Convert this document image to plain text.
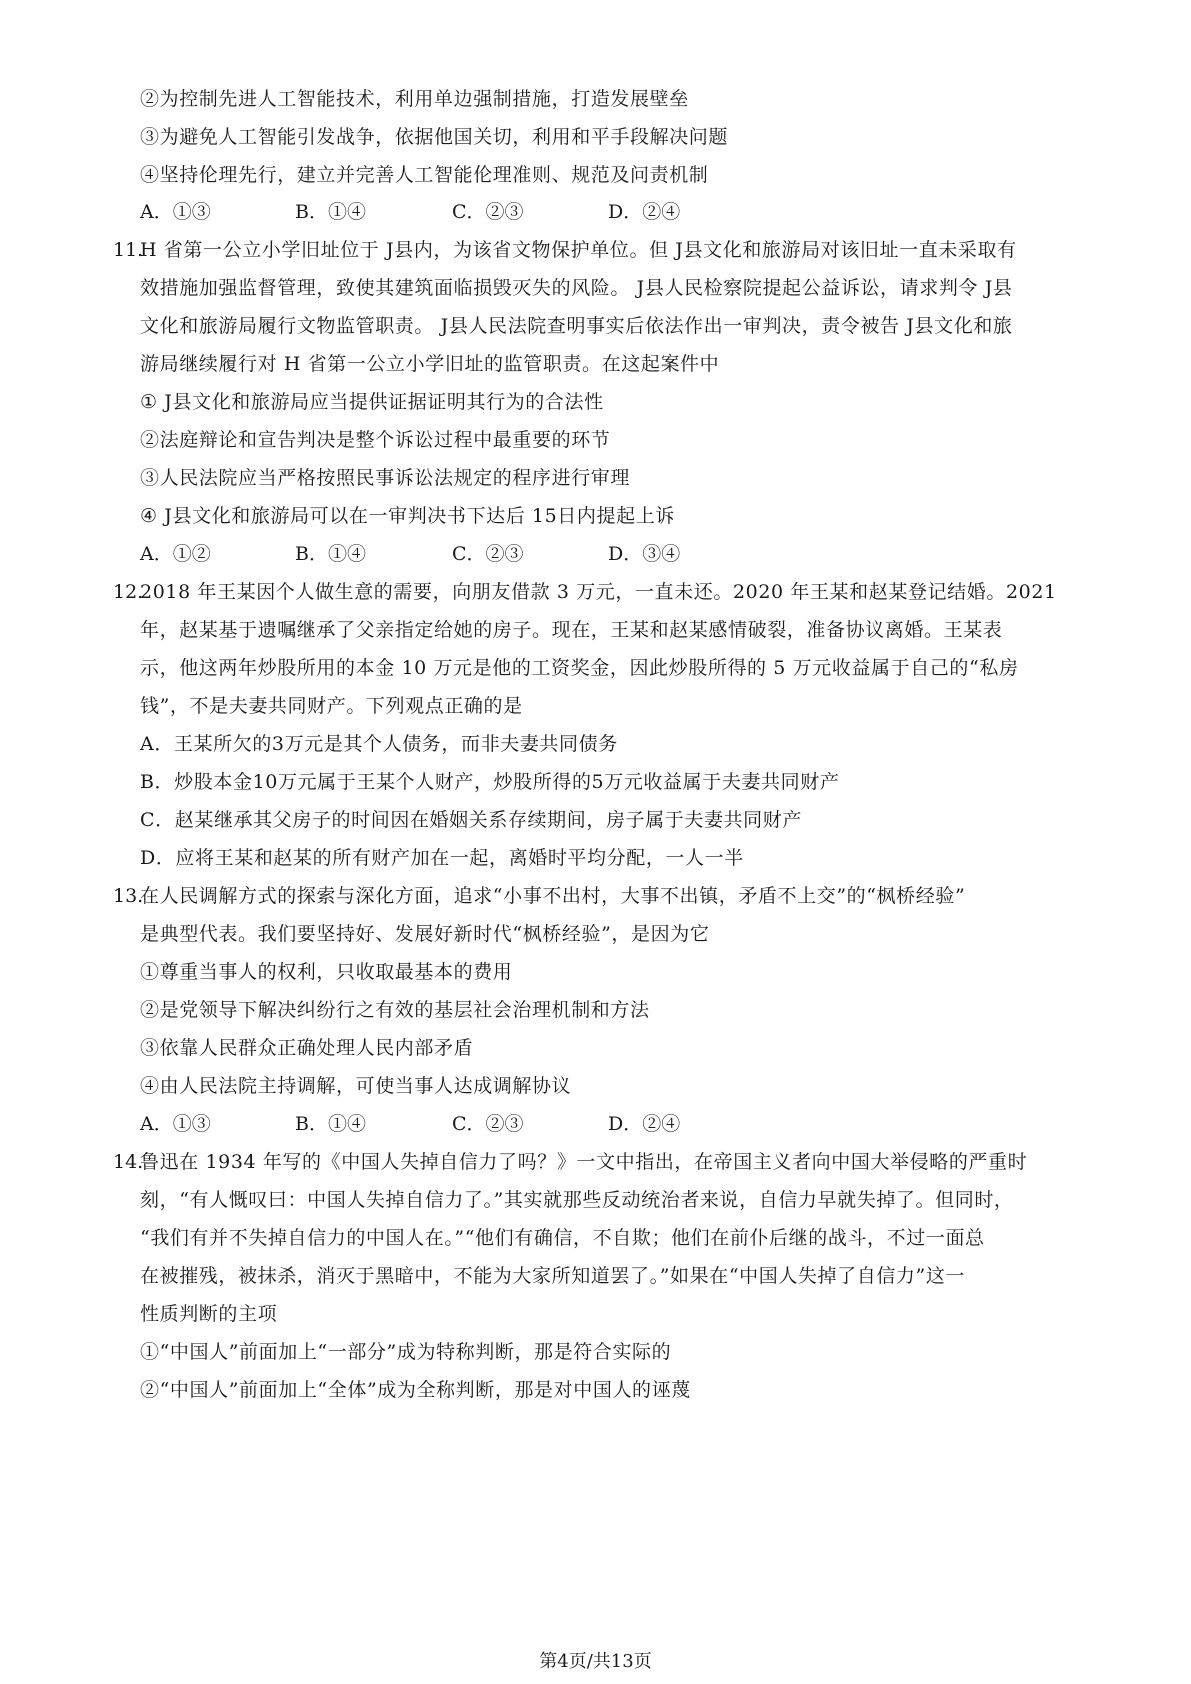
②为控制先进人工智能技术，利用单边强制措施，打造发展壁垒
③为避免人工智能引发战争，依据他国关切，利用和平手段解决问题
④坚持伦理先行，建立并完善人工智能伦理准则、规范及问责机制
A．①③	B．①④	C．②③	D．②④
11.
H 省第一公立小学旧址位于 J县内，为该省文物保护单位。但 J县文化和旅游局对该旧址一直未采取有
效措施加强监督管理，致使其建筑面临损毁灭失的风险。 J县人民检察院提起公益诉讼，请求判令 J县
文化和旅游局履行文物监管职责。 J县人民法院查明事实后依法作出一审判决，责令被告 J县文化和旅
游局继续履行对 H 省第一公立小学旧址的监管职责。在这起案件中
① J县文化和旅游局应当提供证据证明其行为的合法性
②法庭辩论和宣告判决是整个诉讼过程中最重要的环节
③人民法院应当严格按照民事诉讼法规定的程序进行审理
④ J县文化和旅游局可以在一审判决书下达后 15日内提起上诉
A．①②	B．①④	C．②③	D．③④
12.
2018 年王某因个人做生意的需要，向朋友借款 3 万元，一直未还。2020 年王某和赵某登记结婚。2021
年，赵某基于遗嘱继承了父亲指定给她的房子。现在，王某和赵某感情破裂，准备协议离婚。王某表
示，他这两年炒股所用的本金 10 万元是他的工资奖金，因此炒股所得的 5 万元收益属于自己的“私房
钱”，不是夫妻共同财产。下列观点正确的是
A．王某所欠的3万元是其个人债务，而非夫妻共同债务
B．炒股本金10万元属于王某个人财产，炒股所得的5万元收益属于夫妻共同财产
C．赵某继承其父房子的时间因在婚姻关系存续期间，房子属于夫妻共同财产
D．应将王某和赵某的所有财产加在一起，离婚时平均分配，一人一半
13.
在人民调解方式的探索与深化方面，追求“小事不出村，大事不出镇，矛盾不上交”的“枫桥经验”
是典型代表。我们要坚持好、发展好新时代“枫桥经验”，是因为它
①尊重当事人的权利，只收取最基本的费用
②是党领导下解决纠纷行之有效的基层社会治理机制和方法
③依靠人民群众正确处理人民内部矛盾
④由人民法院主持调解，可使当事人达成调解协议
A．①③	B．①④	C．②③	D．②④
14.
鲁迅在 1934 年写的《中国人失掉自信力了吗？》一文中指出，在帝国主义者向中国大举侵略的严重时
刻，“有人慨叹曰：中国人失掉自信力了。”其实就那些反动统治者来说，自信力早就失掉了。但同时，
“我们有并不失掉自信力的中国人在。”“他们有确信，不自欺；他们在前仆后继的战斗，不过一面总
在被摧残，被抹杀，消灭于黑暗中，不能为大家所知道罢了。”如果在“中国人失掉了自信力”这一
性质判断的主项
①“中国人”前面加上“一部分”成为特称判断，那是符合实际的
②“中国人”前面加上“全体”成为全称判断，那是对中国人的诬蔑
第4页/共13页
